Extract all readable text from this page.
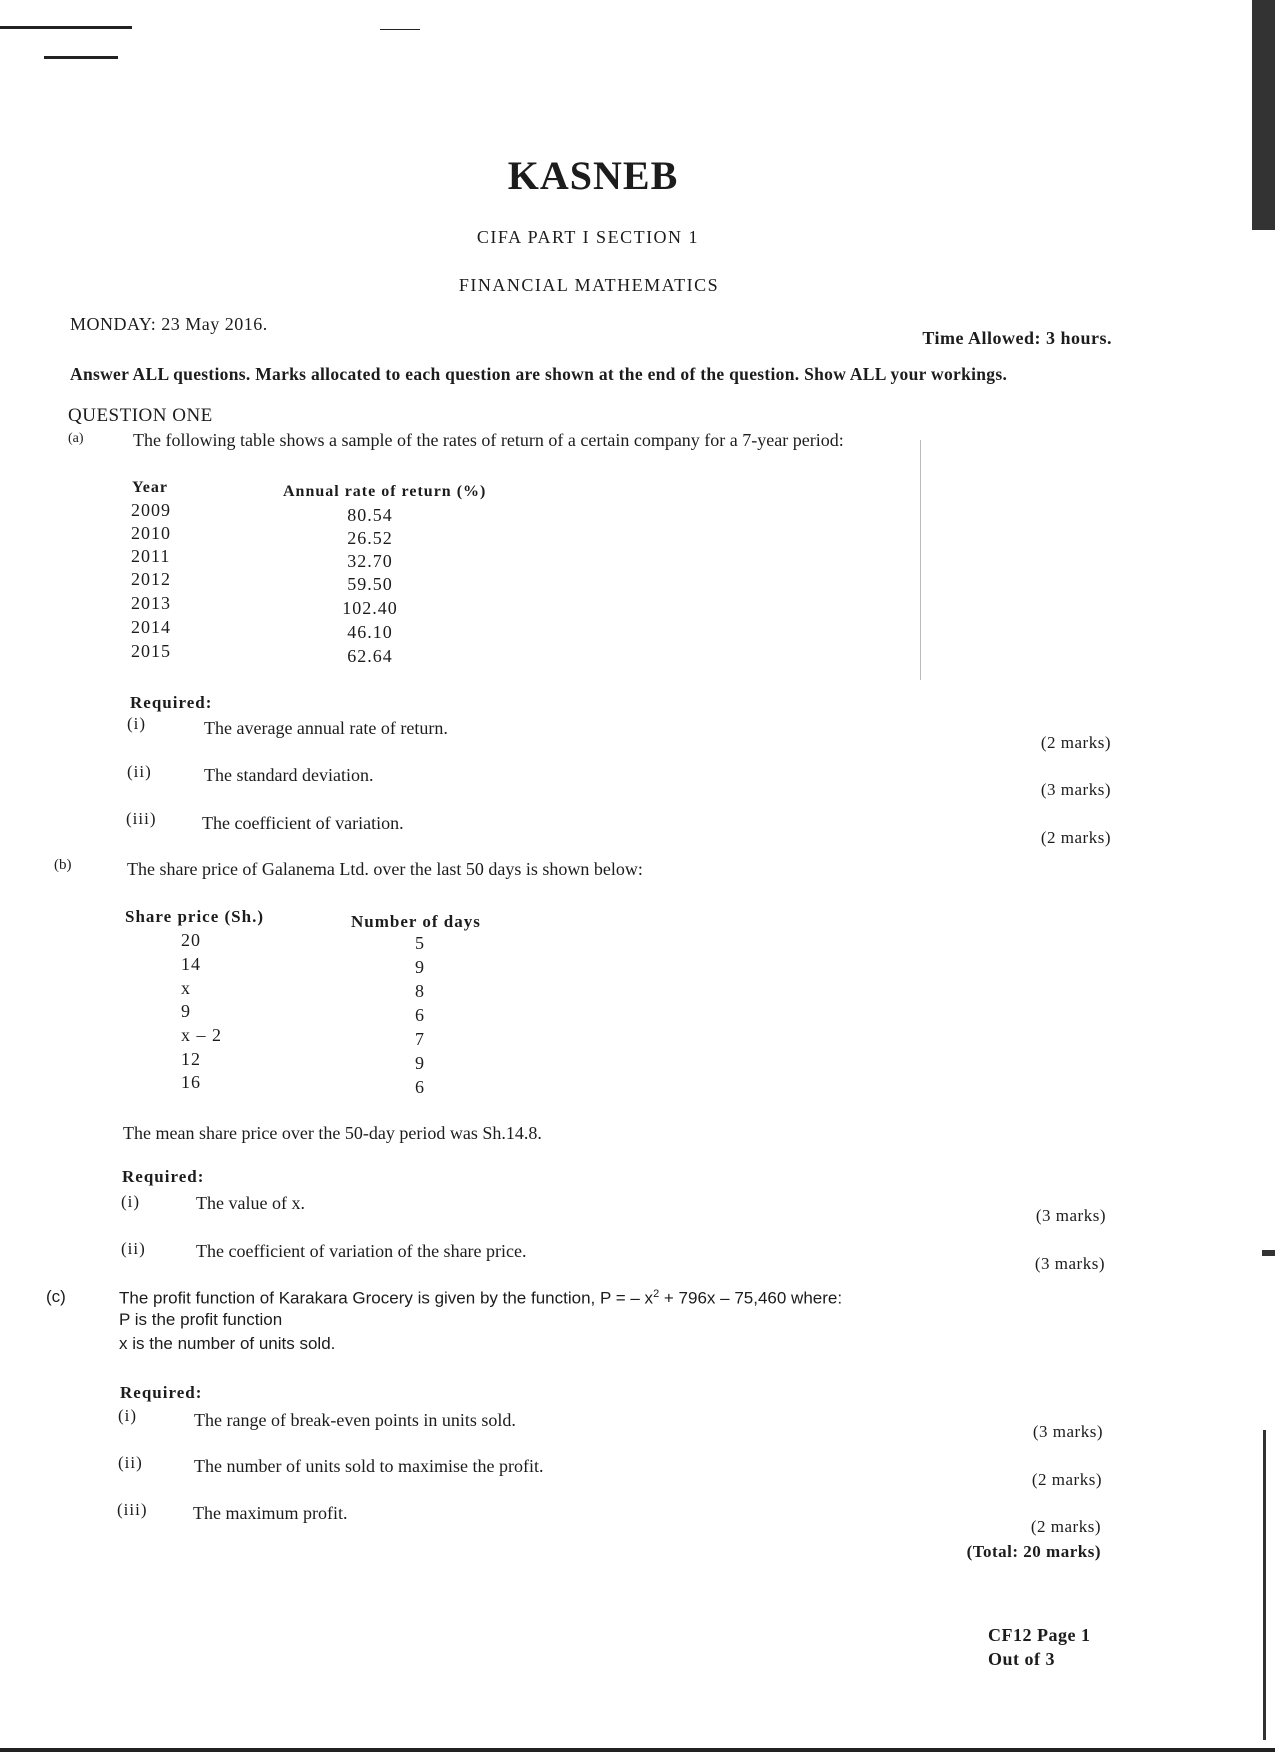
KASNEB
CIFA PART I SECTION 1
FINANCIAL MATHEMATICS
MONDAY: 23 May 2016.
Time Allowed: 3 hours.
Answer ALL questions. Marks allocated to each question are shown at the end of the question. Show ALL your workings.
QUESTION ONE
(a)	The following table shows a sample of the rates of return of a certain company for a 7-year period:
Year	Annual rate of return (%)
2009	80.54
2010	26.52
2011	32.70
2012	59.50
2013	102.40
2014	46.10
2015	62.64
Required:
(i)	The average annual rate of return.
(2 marks)
(ii)	The standard deviation.
(3 marks)
(iii)	The coefficient of variation.
(2 marks)
(b)	The share price of Galanema Ltd. over the last 50 days is shown below:
Share price (Sh.)	Number of days
20	5
14	9
x	8
9	6
x – 2	7
12	9
16	6
The mean share price over the 50-day period was Sh.14.8.
Required:
(i)	The value of x.
(3 marks)
(ii)	The coefficient of variation of the share price.
(3 marks)
(c)	The profit function of Karakara Grocery is given by the function, P = – $x^2 + 796x - 75,460$ where:
P is the profit function
x is the number of units sold.
Required:
(i)	The range of break-even points in units sold.
(3 marks)
(ii)	The number of units sold to maximise the profit.
(2 marks)
(iii)	The maximum profit.
(2 marks)
(Total: 20 marks)
CF12 Page 1
Out of 3
